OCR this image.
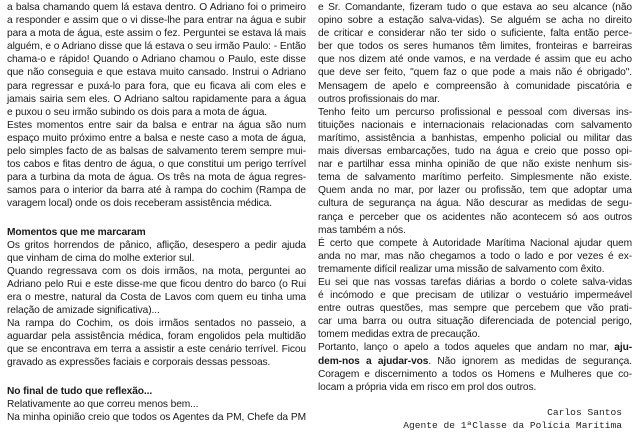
a balsa chamando quem lá estava dentro. O Adriano foi o primeiro
a responder e assim que o vi disse-lhe para entrar na água e subir
para a mota de água, este assim o fez. Perguntei se estava lá mais
alguém, e o Adriano disse que lá estava o seu irmão Paulo: - Então
chama-o e rápido! Quando o Adriano chamou o Paulo, este disse
que não conseguia e que estava muito cansado. Instrui o Adriano
para regressar e puxá-lo para fora, que eu ficava ali com eles e
jamais sairia sem eles. O Adriano saltou rapidamente para a água
e puxou o seu irmão subindo os dois para a mota de água.
Estes momentos entre sair da balsa e entrar na água são num
espaço muito próximo entre a balsa e neste caso a mota de água,
pelo simples facto de as balsas de salvamento terem sempre mui-
tos cabos e fitas dentro de água, o que constitui um perigo terrível
para a turbina da mota de água. Os três na mota de água regres-
samos para o interior da barra até à rampa do cochim (Rampa de
varagem local) onde os dois receberam assistência médica.
Momentos que me marcaram
Os gritos horrendos de pânico, aflição, desespero a pedir ajuda
que vinham de cima do molhe exterior sul.
Quando regressava com os dois irmãos, na mota, perguntei ao
Adriano pelo Rui e este disse-me que ficou dentro do barco (o Rui
era o mestre, natural da Costa de Lavos com quem eu tinha uma
relação de amizade significativa)...
Na rampa do Cochim, os dois irmãos sentados no passeio, a
aguardar pela assistência médica, foram engolidos pela multidão
que se encontrava em terra a assistir a este cenário terrível. Ficou
gravado as expressões faciais e corporais dessas pessoas.
No final de tudo que reflexão...
Relativamente ao que correu menos bem...
Na minha opinião creio que todos os Agentes da PM, Chefe da PM
e Sr. Comandante, fizeram tudo o que estava ao seu alcance (não
opino sobre a estação salva-vidas). Se alguém se acha no direito
de criticar e considerar não ter sido o suficiente, falta então perce-
ber que todos os seres humanos têm limites, fronteiras e barreiras
que nos dizem até onde vamos, e na verdade é assim que eu acho
que deve ser feito, "quem faz o que pode a mais não é obrigado".
Mensagem de apelo e compreensão à comunidade piscatória e
outros profissionais do mar.
Tenho feito um percurso profissional e pessoal com diversas ins-
tituições nacionais e internacionais relacionadas com salvamento
marítimo, assistência a banhistas, empenho policial ou militar das
mais diversas embarcações, tudo na água e creio que posso opi-
nar e partilhar essa minha opinião de que não existe nenhum sis-
tema de salvamento marítimo perfeito. Simplesmente não existe.
Quem anda no mar, por lazer ou profissão, tem que adoptar uma
cultura de segurança na água. Não descurar as medidas de segu-
rança e perceber que os acidentes não acontecem só aos outros
mas também a nós.
É certo que compete à Autoridade Marítima Nacional ajudar quem
anda no mar, mas não chegamos a todo o lado e por vezes é ex-
tremamente difícil realizar uma missão de salvamento com êxito.
Eu sei que nas vossas tarefas diárias a bordo o colete salva-vidas
é incómodo e que precisam de utilizar o vestuário impermeável
entre outras questões, mas sempre que percebem que vão prati-
car uma barra ou outra situação diferenciada de potencial perigo,
tomem medidas extra de precaução.
Portanto, lanço o apelo a todos aqueles que andam no mar, aju-
dem-nos a ajudar-vos. Não ignorem as medidas de segurança.
Coragem e discernimento a todos os Homens e Mulheres que co-
locam a própria vida em risco em prol dos outros.
Carlos Santos
Agente de 1ªClasse da Polícia Marítima
